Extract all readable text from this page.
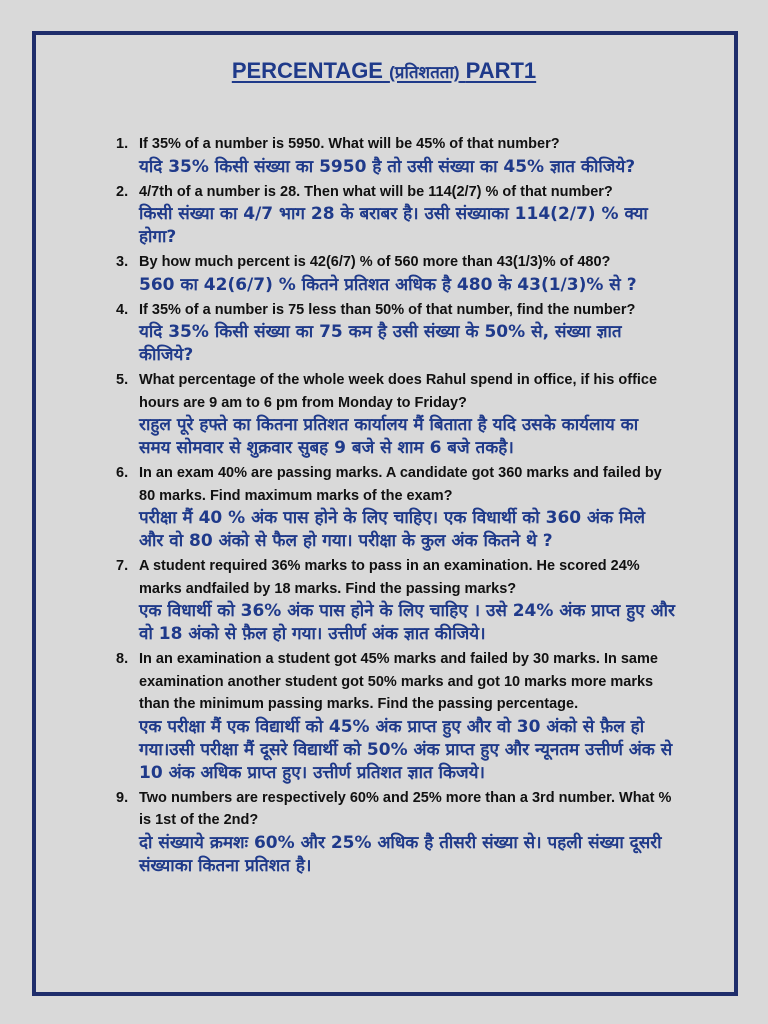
PERCENTAGE (प्रतिशतता) PART1
1. If 35% of a number is 5950. What will be 45% of that number?
यदि 35% किसी संख्या का 5950 है तो उसी संख्या का 45% ज्ञात कीजिये?
2. 4/7th of a number is 28. Then what will be 114(2/7) % of that number?
किसी संख्या का 4/7 भाग 28 के बराबर है। उसी संख्याका 114(2/7) % क्या होगा?
3. By how much percent is 42(6/7) % of 560 more than 43(1/3)% of 480?
560 का 42(6/7) % कितने प्रतिशत अधिक है 480 के 43(1/3)% से ?
4. If 35% of a number is 75 less than 50% of that number, find the number?
यदि 35% किसी संख्या का 75 कम है उसी संख्या के 50% से, संख्या ज्ञात कीजिये?
5. What percentage of the whole week does Rahul spend in office, if his office hours are 9 am to 6 pm from Monday to Friday?
राहुल पूरे हफ्ते का कितना प्रतिशत कार्यालय मैं बिताता है यदि उसके कार्यलाय का समय सोमवार से शुक्रवार सुबह 9 बजे से शाम 6 बजे तकहै।
6. In an exam 40% are passing marks. A candidate got 360 marks and failed by 80 marks. Find maximum marks of the exam?
परीक्षा मैं 40 % अंक पास होने के लिए चाहिए। एक विधार्थी को 360 अंक मिले और वो 80 अंको से फैल हो गया। परीक्षा के कुल अंक कितने थे ?
7. A student required 36% marks to pass in an examination. He scored 24% marks andfailed by 18 marks. Find the passing marks?
एक विधार्थी को 36% अंक पास होने के लिए चाहिए । उसे 24% अंक प्राप्त हुए और वो 18 अंको से फ़ैल हो गया। उत्तीर्ण अंक ज्ञात कीजिये।
8. In an examination a student got 45% marks and failed by 30 marks. In same examination another student got 50% marks and got 10 marks more marks than the minimum passing marks. Find the passing percentage.
एक परीक्षा मैं एक विद्यार्थी को 45% अंक प्राप्त हुए और वो 30 अंको से फ़ैल हो गया।उसी परीक्षा मैं दूसरे विद्यार्थी को 50% अंक प्राप्त हुए और न्यूनतम उत्तीर्ण अंक से 10 अंक अधिक प्राप्त हुए। उत्तीर्ण प्रतिशत ज्ञात किजये।
9. Two numbers are respectively 60% and 25% more than a 3rd number. What % is 1st of the 2nd?
दो संख्याये क्रमशः 60% और 25% अधिक है तीसरी संख्या से। पहली संख्या दूसरी संख्याका कितना प्रतिशत है।
